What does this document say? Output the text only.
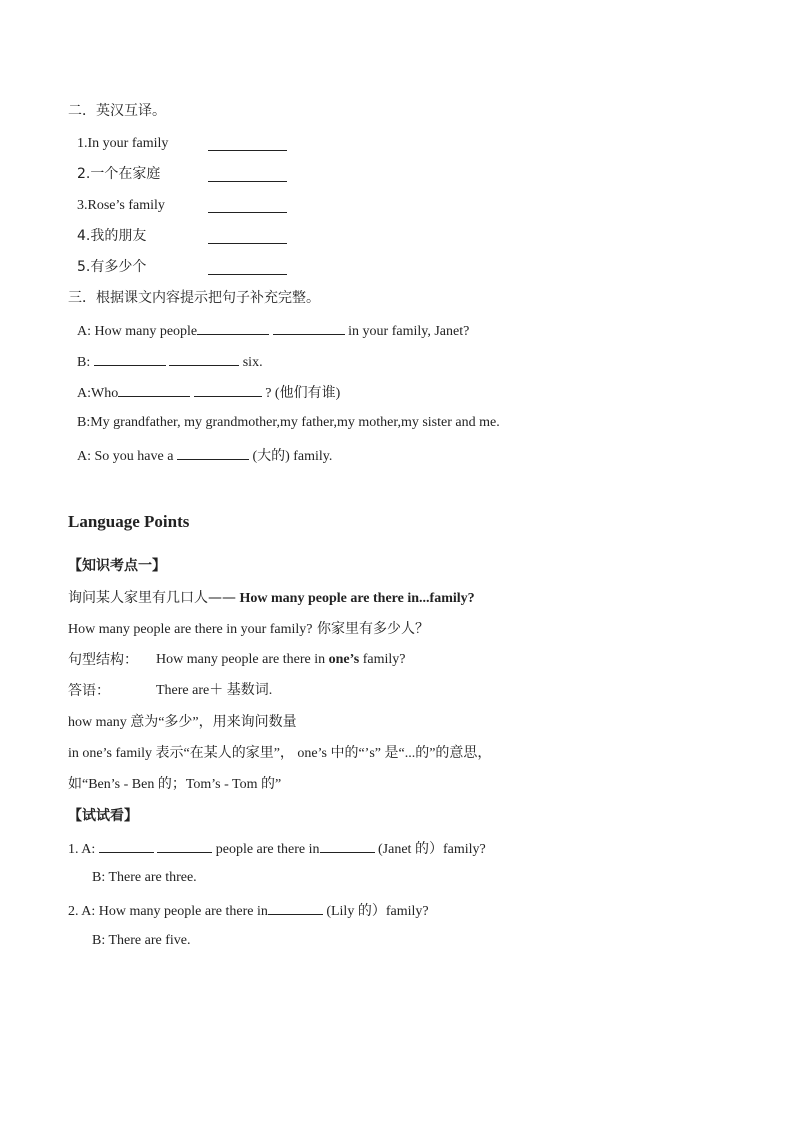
二．英汉互译。
1.In your family
2.一个在家庭
3.Rose’s family
4.我的朋友
5.有多少个
三．根据课文内容提示把句子补充完整。
A: How many people	in your family, Janet?
B:	six.
A:Who	? (他们有谁)
B:My grandfather, my grandmother,my father,my mother,my sister and me.
A: So you have a	(大的) family.
Language Points
【知识考点一】
询问某人家里有几口人—— How many people are there in...family?
How many people are there in your family? 你家里有多少人？
句型结构： How many people are there in one’s family?
答语：	There are＋ 基数词.
how many 意为“多少”，用来询问数量
in one’s family 表示“在某人的家里”， one’s 中的“’s” 是“...的”的意思，
如“Ben’s - Ben 的；Tom’s - Tom 的”
【试试看】
1. A:	people are there in	(Janet 的）family?
B: There are three.
2. A: How many people are there in	(Lily 的）family?
B: There are five.
